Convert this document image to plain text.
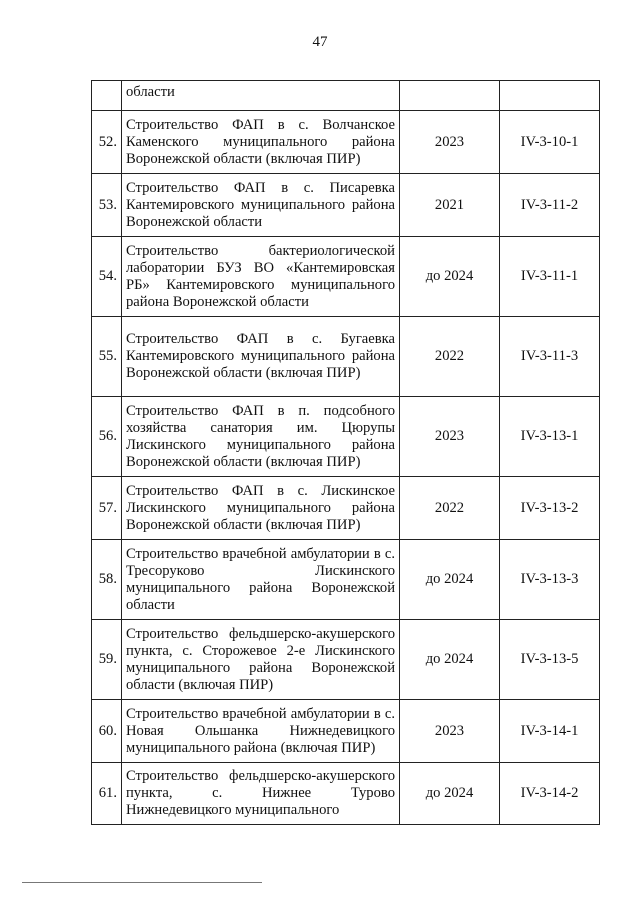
47
	области		
52.	Строительство ФАП в с. Волчанское Каменского муниципального района Воронежской области (включая ПИР)	2023	IV-3-10-1
53.	Строительство ФАП в с. Писаревка Кантемировского муниципального района Воронежской области	2021	IV-3-11-2
54.	Строительство бактериологической лаборатории БУЗ ВО «Кантемировская РБ» Кантемировского муниципального района Воронежской области	до 2024	IV-3-11-1
55.	Строительство ФАП в с. Бугаевка Кантемировского муниципального района Воронежской области (включая ПИР)	2022	IV-3-11-3
56.	Строительство ФАП в п. подсобного хозяйства санатория им. Цюрупы Лискинского муниципального района Воронежской области (включая ПИР)	2023	IV-3-13-1
57.	Строительство ФАП в с. Лискинское Лискинского муниципального района Воронежской области (включая ПИР)	2022	IV-3-13-2
58.	Строительство врачебной амбулатории в с. Тресоруково Лискинского муниципального района Воронежской области	до 2024	IV-3-13-3
59.	Строительство фельдшерско-акушерского пункта, с. Сторожевое 2-е Лискинского муниципального района Воронежской области (включая ПИР)	до 2024	IV-3-13-5
60.	Строительство врачебной амбулатории в с. Новая Ольшанка Нижнедевицкого муниципального района (включая ПИР)	2023	IV-3-14-1
61.	Строительство фельдшерско-акушерского пункта, с. Нижнее Турово Нижнедевицкого муниципального	до 2024	IV-3-14-2
